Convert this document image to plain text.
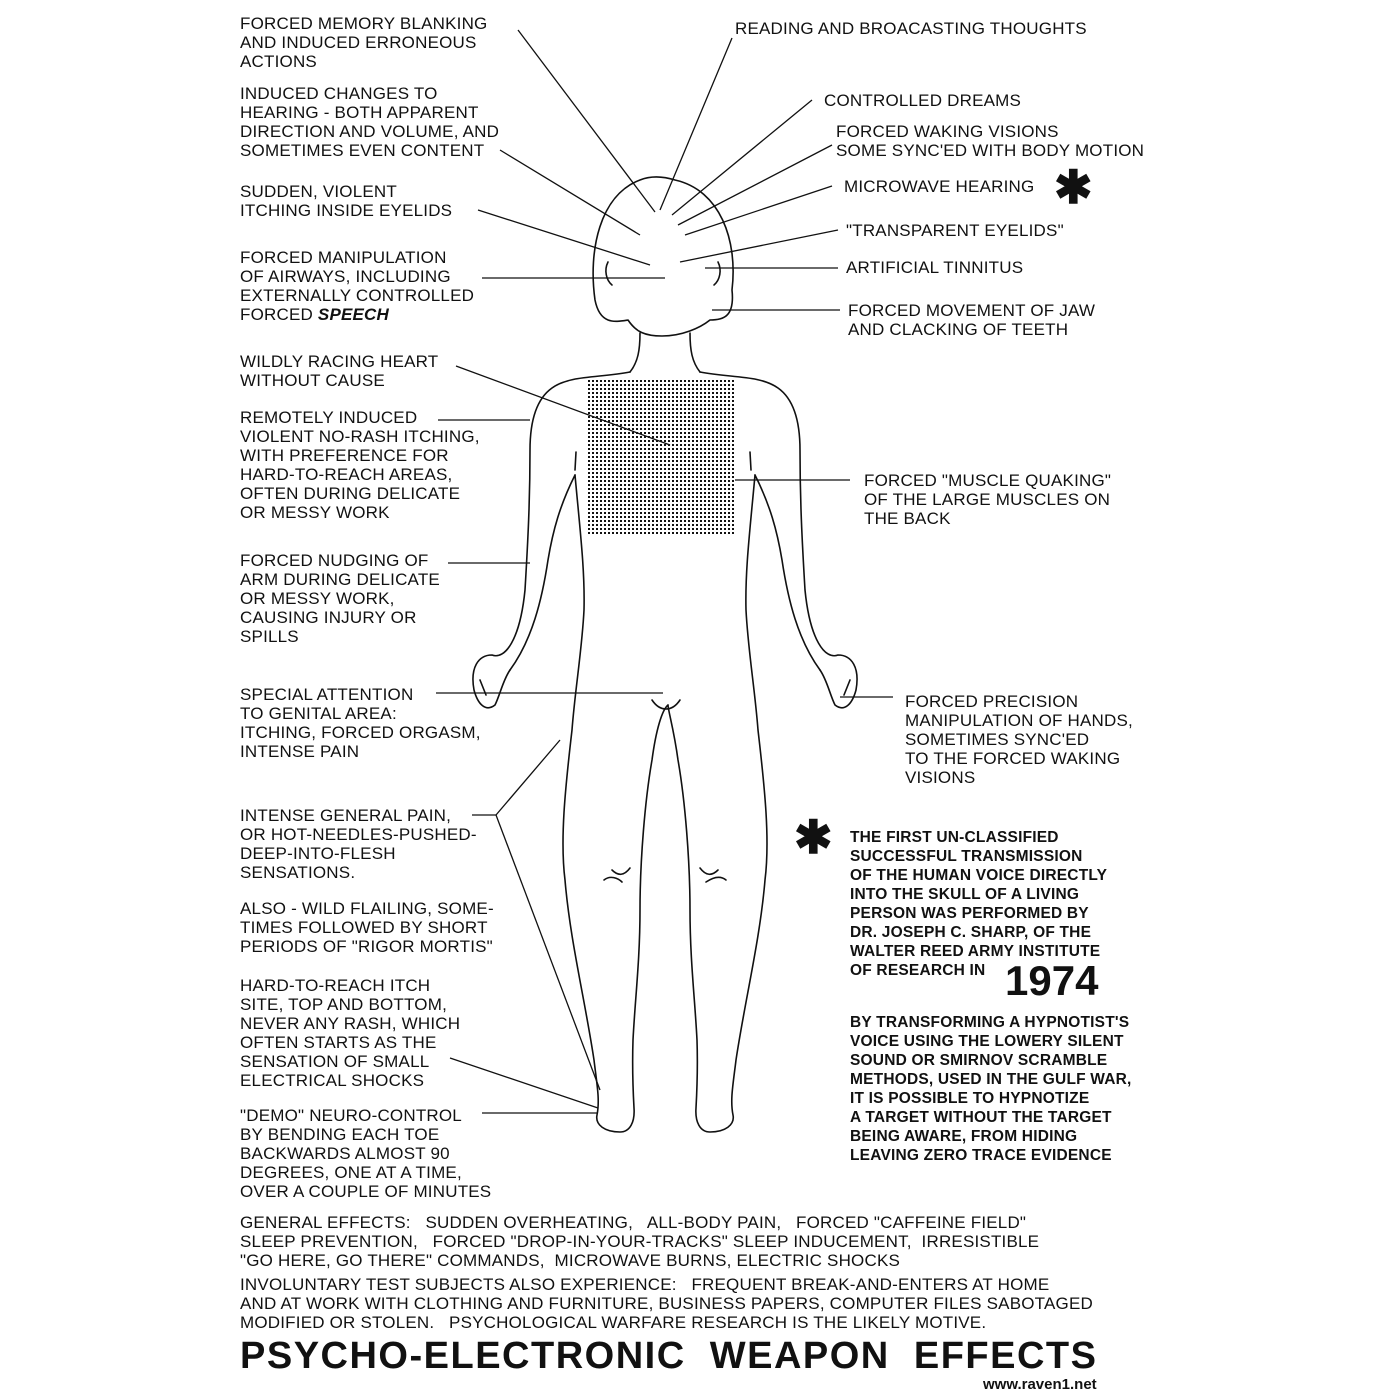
FORCED MEMORY BLANKING
AND INDUCED ERRONEOUS
ACTIONS
INDUCED CHANGES TO
HEARING - BOTH APPARENT
DIRECTION AND VOLUME, AND
SOMETIMES EVEN CONTENT
SUDDEN, VIOLENT
ITCHING INSIDE EYELIDS
FORCED MANIPULATION
OF AIRWAYS, INCLUDING
EXTERNALLY CONTROLLED
FORCED SPEECH
WILDLY RACING HEART
WITHOUT CAUSE
REMOTELY INDUCED
VIOLENT NO-RASH ITCHING,
WITH PREFERENCE FOR
HARD-TO-REACH AREAS,
OFTEN DURING DELICATE
OR MESSY WORK
FORCED NUDGING OF
ARM DURING DELICATE
OR MESSY WORK,
CAUSING INJURY OR
SPILLS
SPECIAL ATTENTION
TO GENITAL AREA:
ITCHING, FORCED ORGASM,
INTENSE PAIN
INTENSE GENERAL PAIN,
OR HOT-NEEDLES-PUSHED-
DEEP-INTO-FLESH
SENSATIONS.
ALSO - WILD FLAILING, SOME-
TIMES FOLLOWED BY SHORT
PERIODS OF "RIGOR MORTIS"
HARD-TO-REACH ITCH
SITE, TOP AND BOTTOM,
NEVER ANY RASH, WHICH
OFTEN STARTS AS THE
SENSATION OF SMALL
ELECTRICAL SHOCKS
"DEMO" NEURO-CONTROL
BY BENDING EACH TOE
BACKWARDS ALMOST 90
DEGREES, ONE AT A TIME,
OVER A COUPLE OF MINUTES
READING AND BROACASTING THOUGHTS
CONTROLLED DREAMS
FORCED WAKING VISIONS
SOME SYNC'ED WITH BODY MOTION
MICROWAVE HEARING ✱
"TRANSPARENT EYELIDS"
ARTIFICIAL TINNITUS
FORCED MOVEMENT OF JAW
AND CLACKING OF TEETH
FORCED "MUSCLE QUAKING"
OF THE LARGE MUSCLES ON
THE BACK
FORCED PRECISION
MANIPULATION OF HANDS,
SOMETIMES SYNC'ED
TO THE FORCED WAKING
VISIONS
✱ THE FIRST UN-CLASSIFIED
SUCCESSFUL TRANSMISSION
OF THE HUMAN VOICE DIRECTLY
INTO THE SKULL OF A LIVING
PERSON WAS PERFORMED BY
DR. JOSEPH C. SHARP, OF THE
WALTER REED ARMY INSTITUTE
OF RESEARCH IN 1974
BY TRANSFORMING A HYPNOTIST'S
VOICE USING THE LOWERY SILENT
SOUND OR SMIRNOV SCRAMBLE
METHODS, USED IN THE GULF WAR,
IT IS POSSIBLE TO HYPNOTIZE
A TARGET WITHOUT THE TARGET
BEING AWARE, FROM HIDING
LEAVING ZERO TRACE EVIDENCE
GENERAL EFFECTS:   SUDDEN OVERHEATING,   ALL-BODY PAIN,   FORCED "CAFFEINE FIELD"
SLEEP PREVENTION,   FORCED "DROP-IN-YOUR-TRACKS" SLEEP INDUCEMENT,  IRRESISTIBLE
"GO HERE, GO THERE" COMMANDS,  MICROWAVE BURNS, ELECTRIC SHOCKS
INVOLUNTARY TEST SUBJECTS ALSO EXPERIENCE:   FREQUENT BREAK-AND-ENTERS AT HOME
AND AT WORK WITH CLOTHING AND FURNITURE, BUSINESS PAPERS, COMPUTER FILES SABOTAGED
MODIFIED OR STOLEN.   PSYCHOLOGICAL WARFARE RESEARCH IS THE LIKELY MOTIVE.
PSYCHO-ELECTRONIC  WEAPON  EFFECTS
www.raven1.net
